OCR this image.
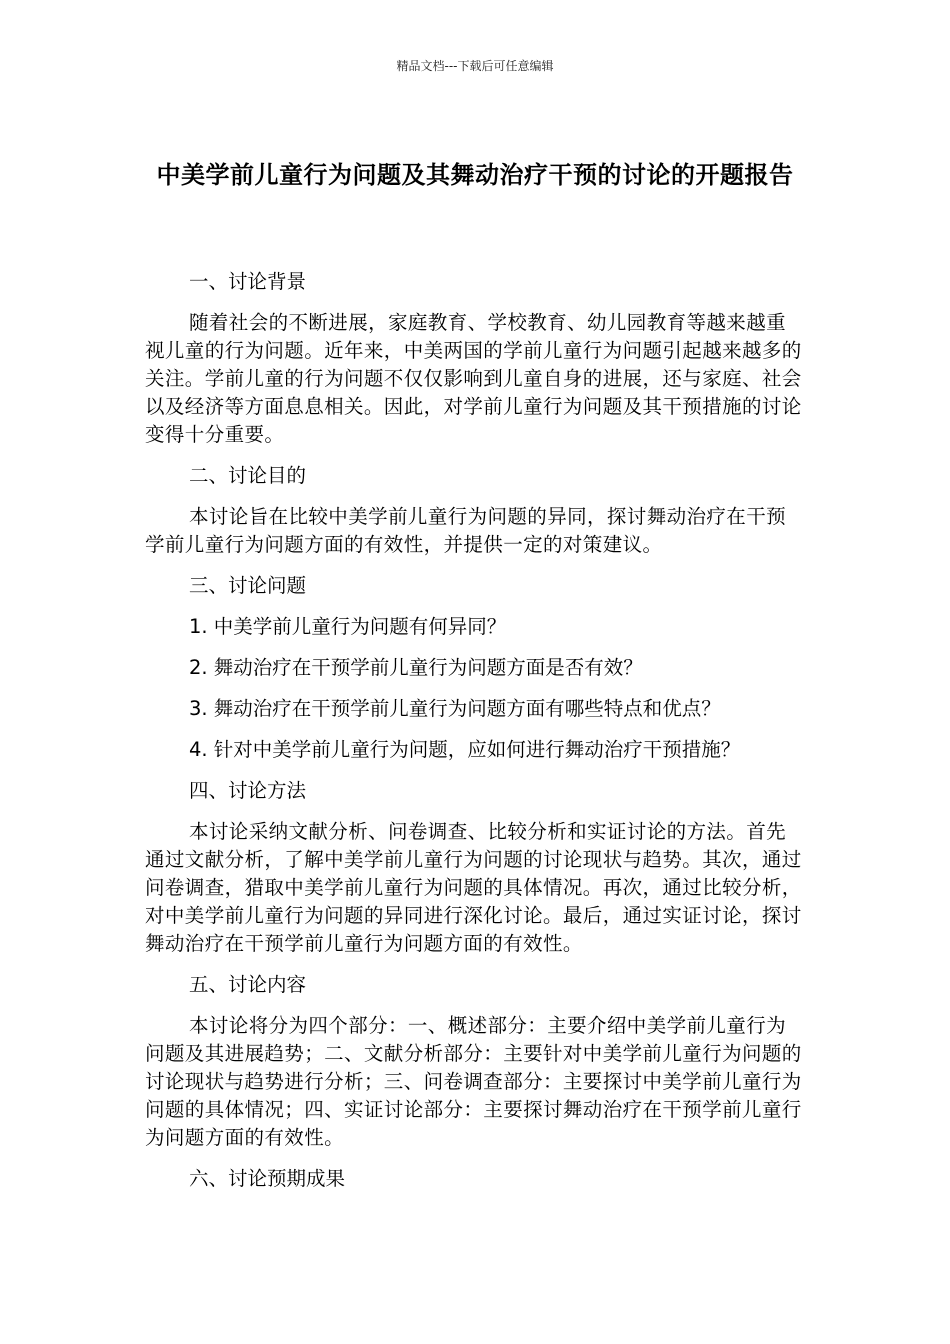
精品文档---下载后可任意编辑
中美学前儿童行为问题及其舞动治疗干预的讨论的开题报告

一、讨论背景

随着社会的不断进展，家庭教育、学校教育、幼儿园教育等越来越重视儿童的行为问题。近年来，中美两国的学前儿童行为问题引起越来越多的关注。学前儿童的行为问题不仅仅影响到儿童自身的进展，还与家庭、社会以及经济等方面息息相关。因此，对学前儿童行为问题及其干预措施的讨论变得十分重要。

二、讨论目的

本讨论旨在比较中美学前儿童行为问题的异同，探讨舞动治疗在干预学前儿童行为问题方面的有效性，并提供一定的对策建议。

三、讨论问题

1. 中美学前儿童行为问题有何异同？

2. 舞动治疗在干预学前儿童行为问题方面是否有效？

3. 舞动治疗在干预学前儿童行为问题方面有哪些特点和优点？

4. 针对中美学前儿童行为问题，应如何进行舞动治疗干预措施？

四、讨论方法

本讨论采纳文献分析、问卷调查、比较分析和实证讨论的方法。首先通过文献分析，了解中美学前儿童行为问题的讨论现状与趋势。其次，通过问卷调查，猎取中美学前儿童行为问题的具体情况。再次，通过比较分析，对中美学前儿童行为问题的异同进行深化讨论。最后，通过实证讨论，探讨舞动治疗在干预学前儿童行为问题方面的有效性。

五、讨论内容

本讨论将分为四个部分：一、概述部分：主要介绍中美学前儿童行为问题及其进展趋势；二、文献分析部分：主要针对中美学前儿童行为问题的讨论现状与趋势进行分析；三、问卷调查部分：主要探讨中美学前儿童行为问题的具体情况；四、实证讨论部分：主要探讨舞动治疗在干预学前儿童行为问题方面的有效性。

六、讨论预期成果
